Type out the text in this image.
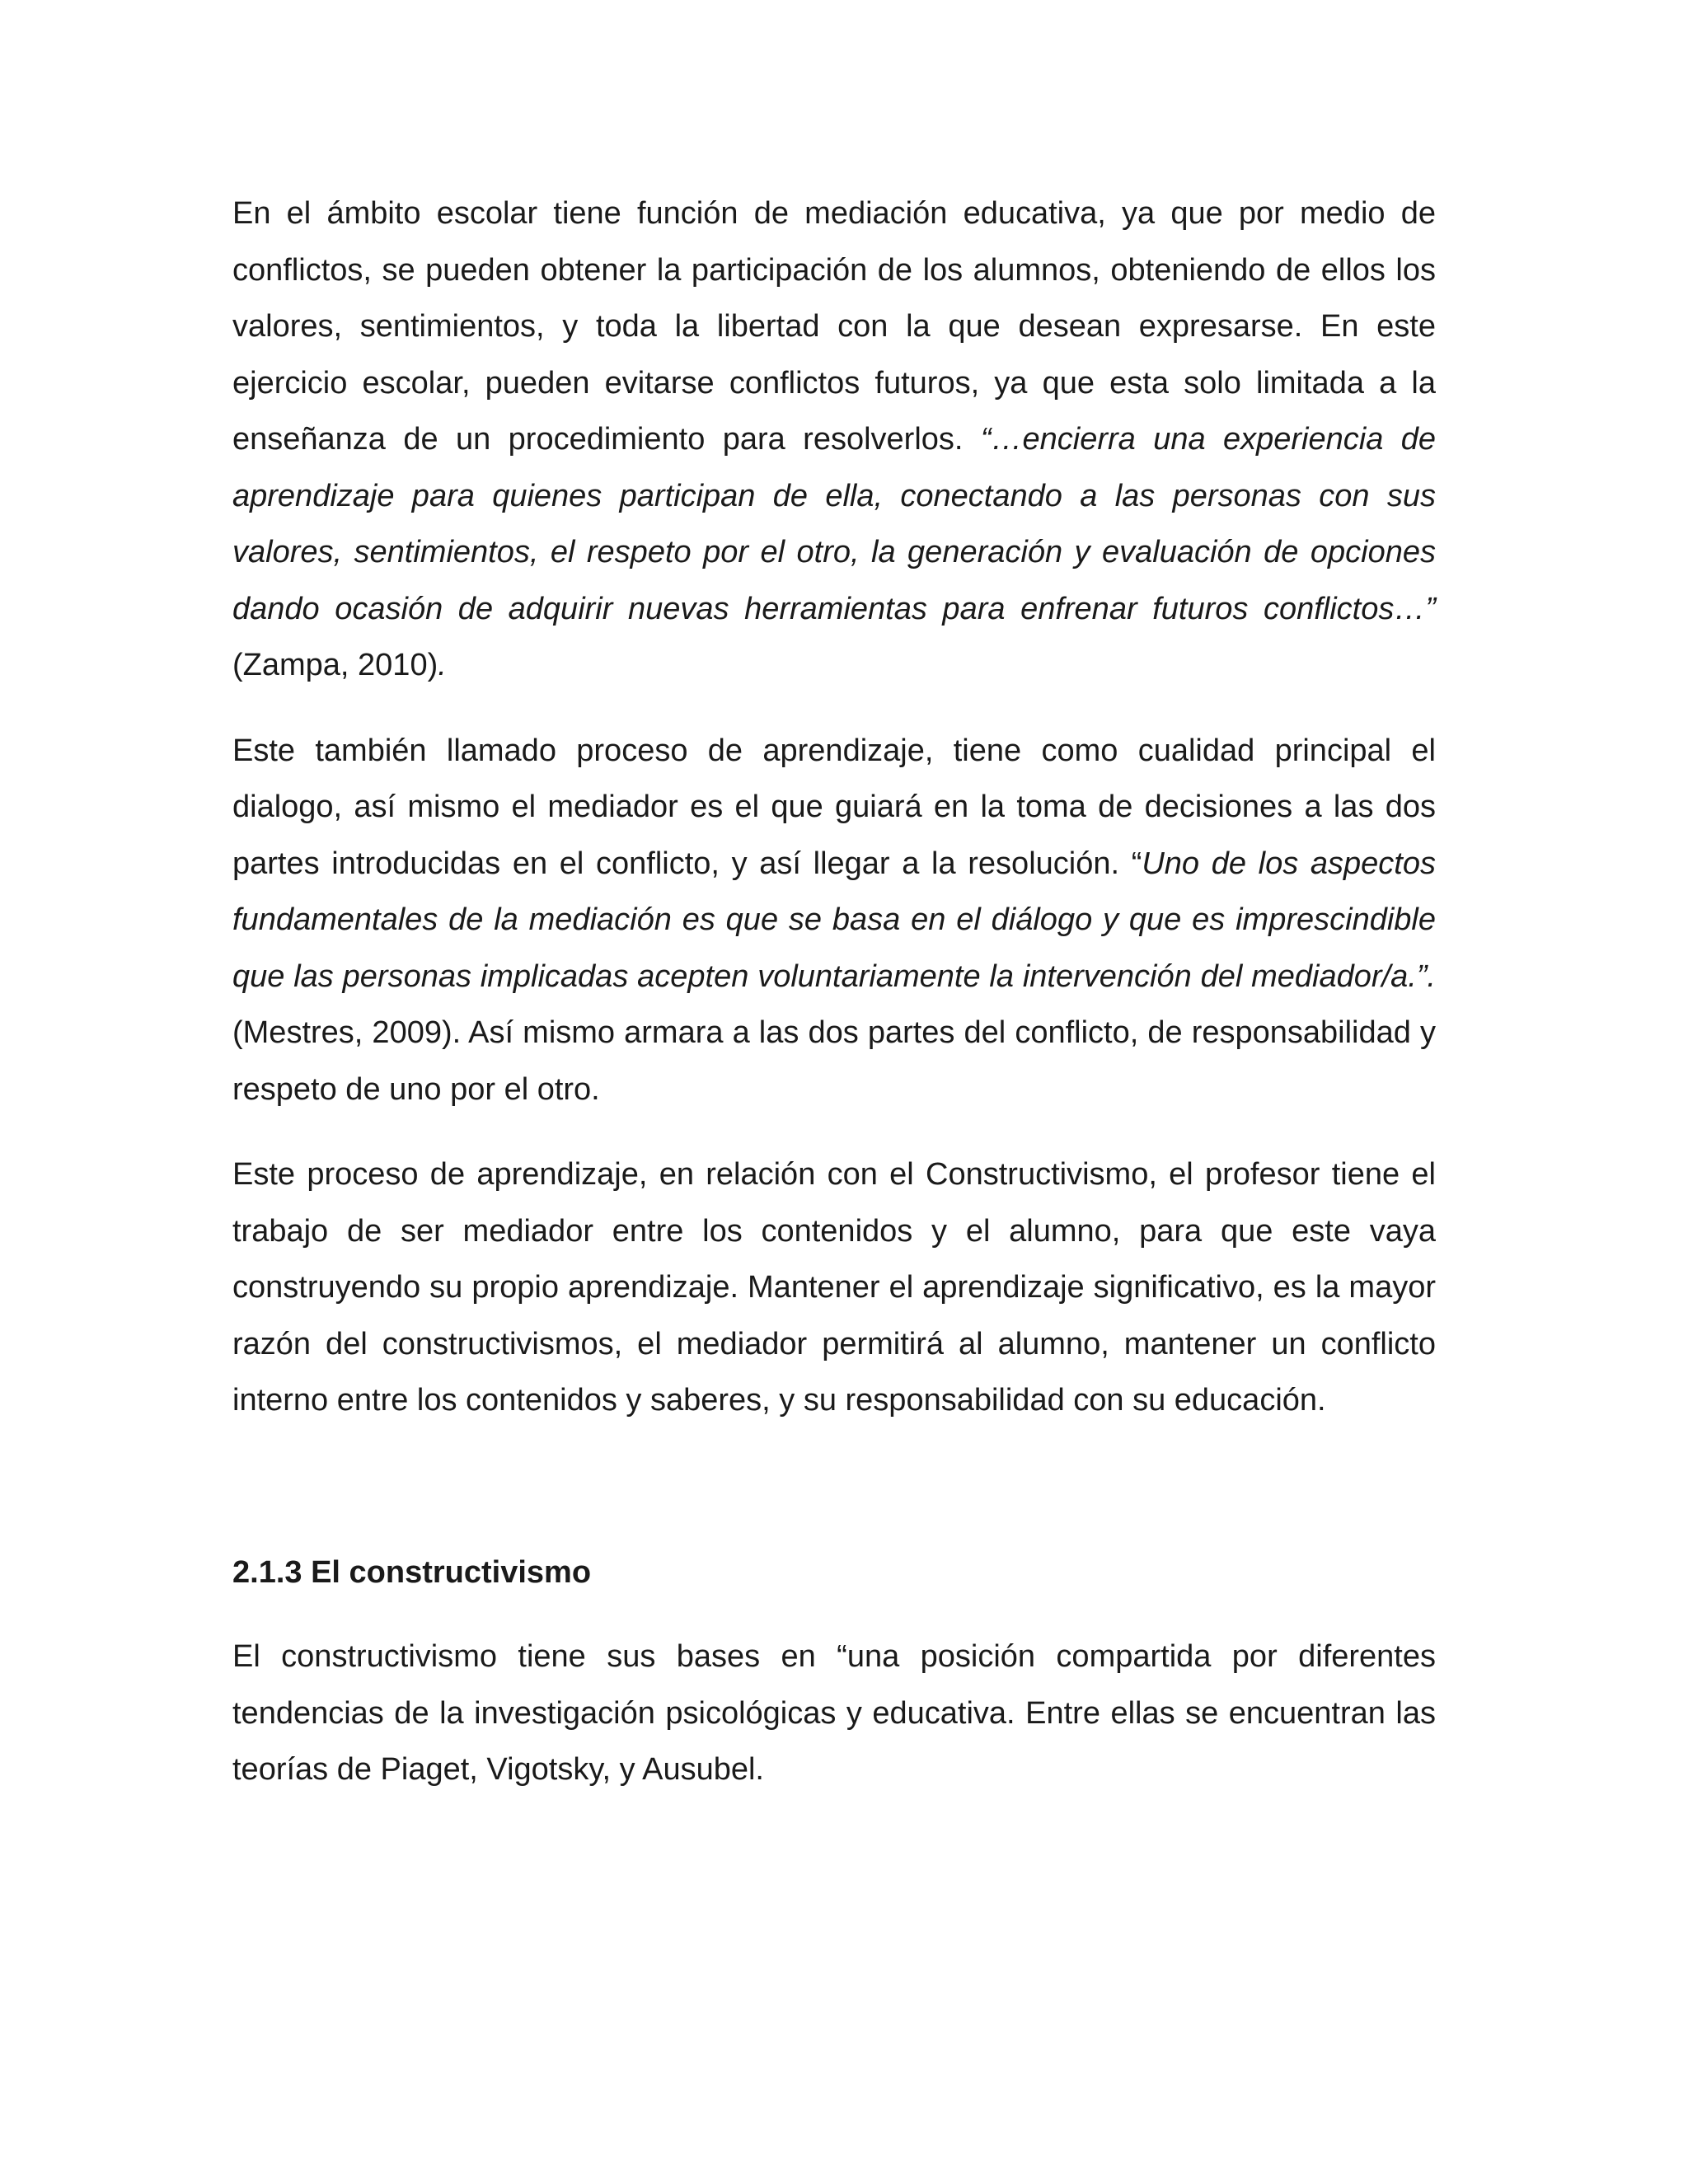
En el ámbito escolar tiene función de mediación educativa, ya que por medio de conflictos, se pueden obtener la participación de los alumnos, obteniendo de ellos los valores, sentimientos, y toda la libertad con la que desean expresarse. En este ejercicio escolar, pueden evitarse conflictos futuros, ya que esta solo limitada a la enseñanza de un procedimiento para resolverlos. “…encierra una experiencia de aprendizaje para quienes participan de ella, conectando a las personas con sus valores, sentimientos, el respeto por el otro, la generación y evaluación de opciones dando ocasión de adquirir nuevas herramientas para enfrenar futuros conflictos…” (Zampa, 2010).

Este también llamado proceso de aprendizaje, tiene como cualidad principal el dialogo, así mismo el mediador es el que guiará en la toma de decisiones a las dos partes introducidas en el conflicto, y así llegar a la resolución. “Uno de los aspectos fundamentales de la mediación es que se basa en el diálogo y que es imprescindible que las personas implicadas acepten voluntariamente la intervención del mediador/a.”. (Mestres, 2009). Así mismo armara a las dos partes del conflicto, de responsabilidad y respeto de uno por el otro.

Este proceso de aprendizaje, en relación con el Constructivismo, el profesor tiene el trabajo de ser mediador entre los contenidos y el alumno, para que este vaya construyendo su propio aprendizaje. Mantener el aprendizaje significativo, es la mayor razón del constructivismos, el mediador permitirá al alumno, mantener un conflicto interno entre los contenidos y saberes, y su responsabilidad con su educación.

2.1.3 El constructivismo

El constructivismo tiene sus bases en “una posición compartida por diferentes tendencias de la investigación psicológicas y educativa. Entre ellas se encuentran las teorías de Piaget, Vigotsky, y Ausubel.
